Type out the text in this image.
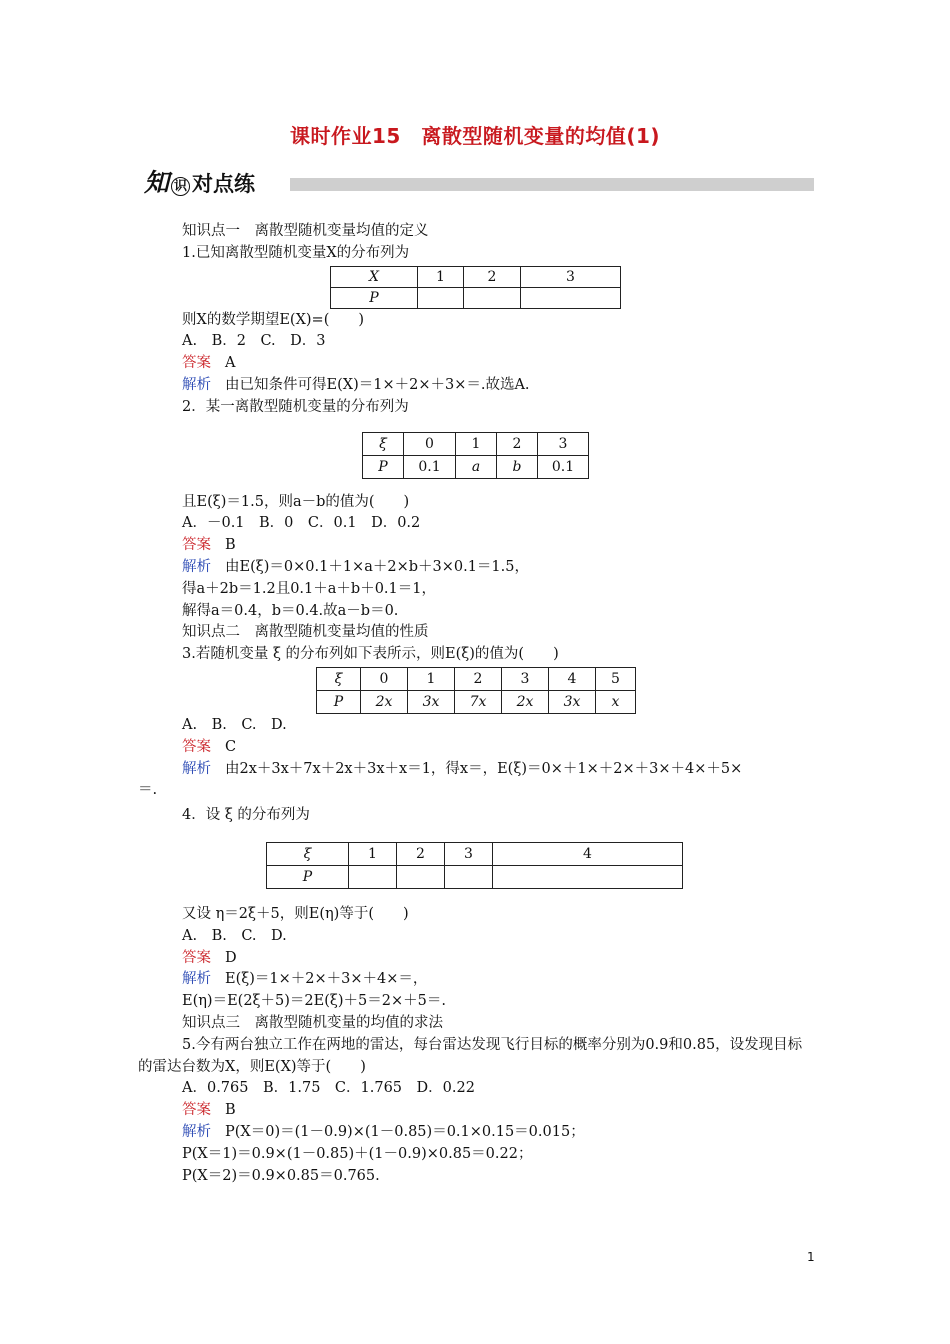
课时作业15　离散型随机变量的均值(1)
知 识 对点练
知识点一　离散型随机变量均值的定义
1.已知离散型随机变量X的分布列为
X	1	2	3
P			
则X的数学期望E(X)=(　　)
A.　B．2　C.　D．3
答案 A
解析 由已知条件可得E(X)＝1×＋2×＋3×＝.故选A.
2．某一离散型随机变量的分布列为
ξ	0	1	2	3
P	0.1	a	b	0.1
且E(ξ)＝1.5，则a－b的值为(　　)
A．－0.1　B．0　C．0.1　D．0.2
答案 B
解析 由E(ξ)＝0×0.1＋1×a＋2×b＋3×0.1＝1.5，
得a＋2b＝1.2且0.1＋a＋b＋0.1＝1，
解得a＝0.4，b＝0.4.故a－b＝0.
知识点二　离散型随机变量均值的性质
3.若随机变量 ξ 的分布列如下表所示，则E(ξ)的值为(　　)
ξ	0	1	2	3	4	5
P	2x	3x	7x	2x	3x	x
A.　B.　C.　D.
答案 C
解析 由2x＋3x＋7x＋2x＋3x＋x＝1，得x＝，E(ξ)＝0×＋1×＋2×＋3×＋4×＋5×
＝.
4．设 ξ 的分布列为
ξ	1	2	3	4
P				
又设 η＝2ξ＋5，则E(η)等于(　　)
A.　B.　C.　D.
答案 D
解析 E(ξ)＝1×＋2×＋3×＋4×＝，
E(η)＝E(2ξ＋5)＝2E(ξ)＋5＝2×＋5＝.
知识点三　离散型随机变量的均值的求法
5.今有两台独立工作在两地的雷达，每台雷达发现飞行目标的概率分别为0.9和0.85，设发现目标的雷达台数为X，则E(X)等于(　　)
A．0.765　B．1.75　C．1.765　D．0.22
答案 B
解析 P(X＝0)＝(1－0.9)×(1－0.85)＝0.1×0.15＝0.015；
P(X＝1)＝0.9×(1－0.85)＋(1－0.9)×0.85＝0.22；
P(X＝2)＝0.9×0.85＝0.765.
1
